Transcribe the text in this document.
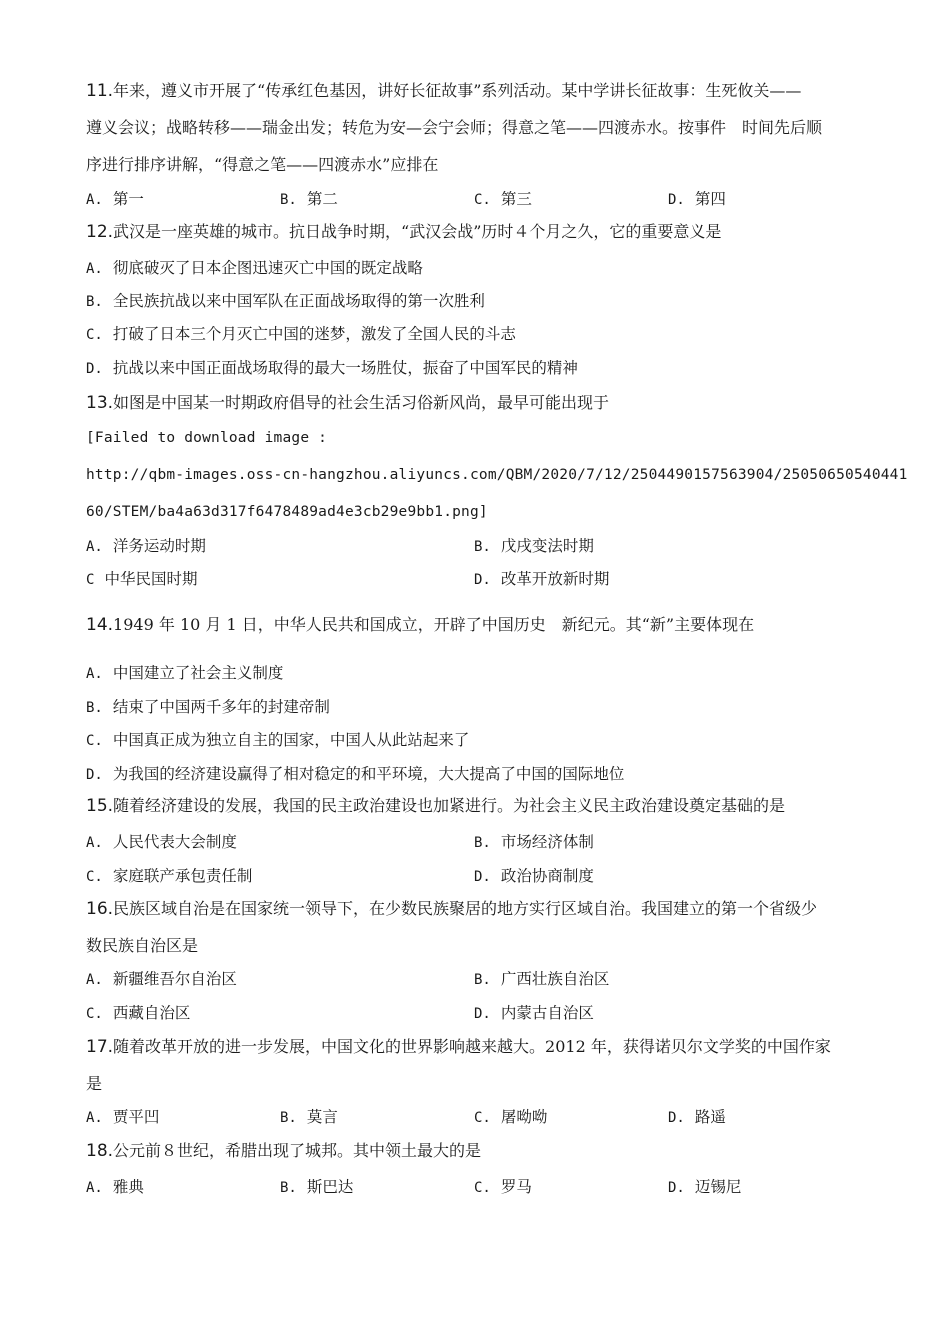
11.年来，遵义市开展了“传承红色基因，讲好长征故事”系列活动。某中学讲长征故事：生死攸关——
遵义会议；战略转移——瑞金出发；转危为安—会宁会师；得意之笔——四渡赤水。按事件　时间先后顺
序进行排序讲解，“得意之笔——四渡赤水”应排在
A. 第一	B. 第二	C. 第三	D. 第四
12.武汉是一座英雄的城市。抗日战争时期，“武汉会战”历时４个月之久，它的重要意义是
A. 彻底破灭了日本企图迅速灭亡中国的既定战略
B. 全民族抗战以来中国军队在正面战场取得的第一次胜利
C. 打破了日本三个月灭亡中国的迷梦，激发了全国人民的斗志
D. 抗战以来中国正面战场取得的最大一场胜仗，振奋了中国军民的精神
13.如图是中国某一时期政府倡导的社会生活习俗新风尚，最早可能出现于
[Failed to download image :
http://qbm-images.oss-cn-hangzhou.aliyuncs.com/QBM/2020/7/12/2504490157563904/25050650540441
60/STEM/ba4a63d317f6478489ad4e3cb29e9bb1.png]
A. 洋务运动时期	B. 戊戌变法时期
C 中华民国时期	D. 改革开放新时期
14.1949 年 10 月 1 日，中华人民共和国成立，开辟了中国历史　新纪元。其“新”主要体现在
A. 中国建立了社会主义制度
B. 结束了中国两千多年的封建帝制
C. 中国真正成为独立自主的国家，中国人从此站起来了
D. 为我国的经济建设赢得了相对稳定的和平环境，大大提高了中国的国际地位
15.随着经济建设的发展，我国的民主政治建设也加紧进行。为社会主义民主政治建设奠定基础的是
A. 人民代表大会制度	B. 市场经济体制
C. 家庭联产承包责任制	D. 政治协商制度
16.民族区域自治是在国家统一领导下，在少数民族聚居的地方实行区域自治。我国建立的第一个省级少
数民族自治区是
A. 新疆维吾尔自治区	B. 广西壮族自治区
C. 西藏自治区	D. 内蒙古自治区
17.随着改革开放的进一步发展，中国文化的世界影响越来越大。2012 年，获得诺贝尔文学奖的中国作家
是
A. 贾平凹	B. 莫言	C. 屠呦呦	D. 路遥
18.公元前８世纪，希腊出现了城邦。其中领土最大的是
A. 雅典	B. 斯巴达	C. 罗马	D. 迈锡尼
